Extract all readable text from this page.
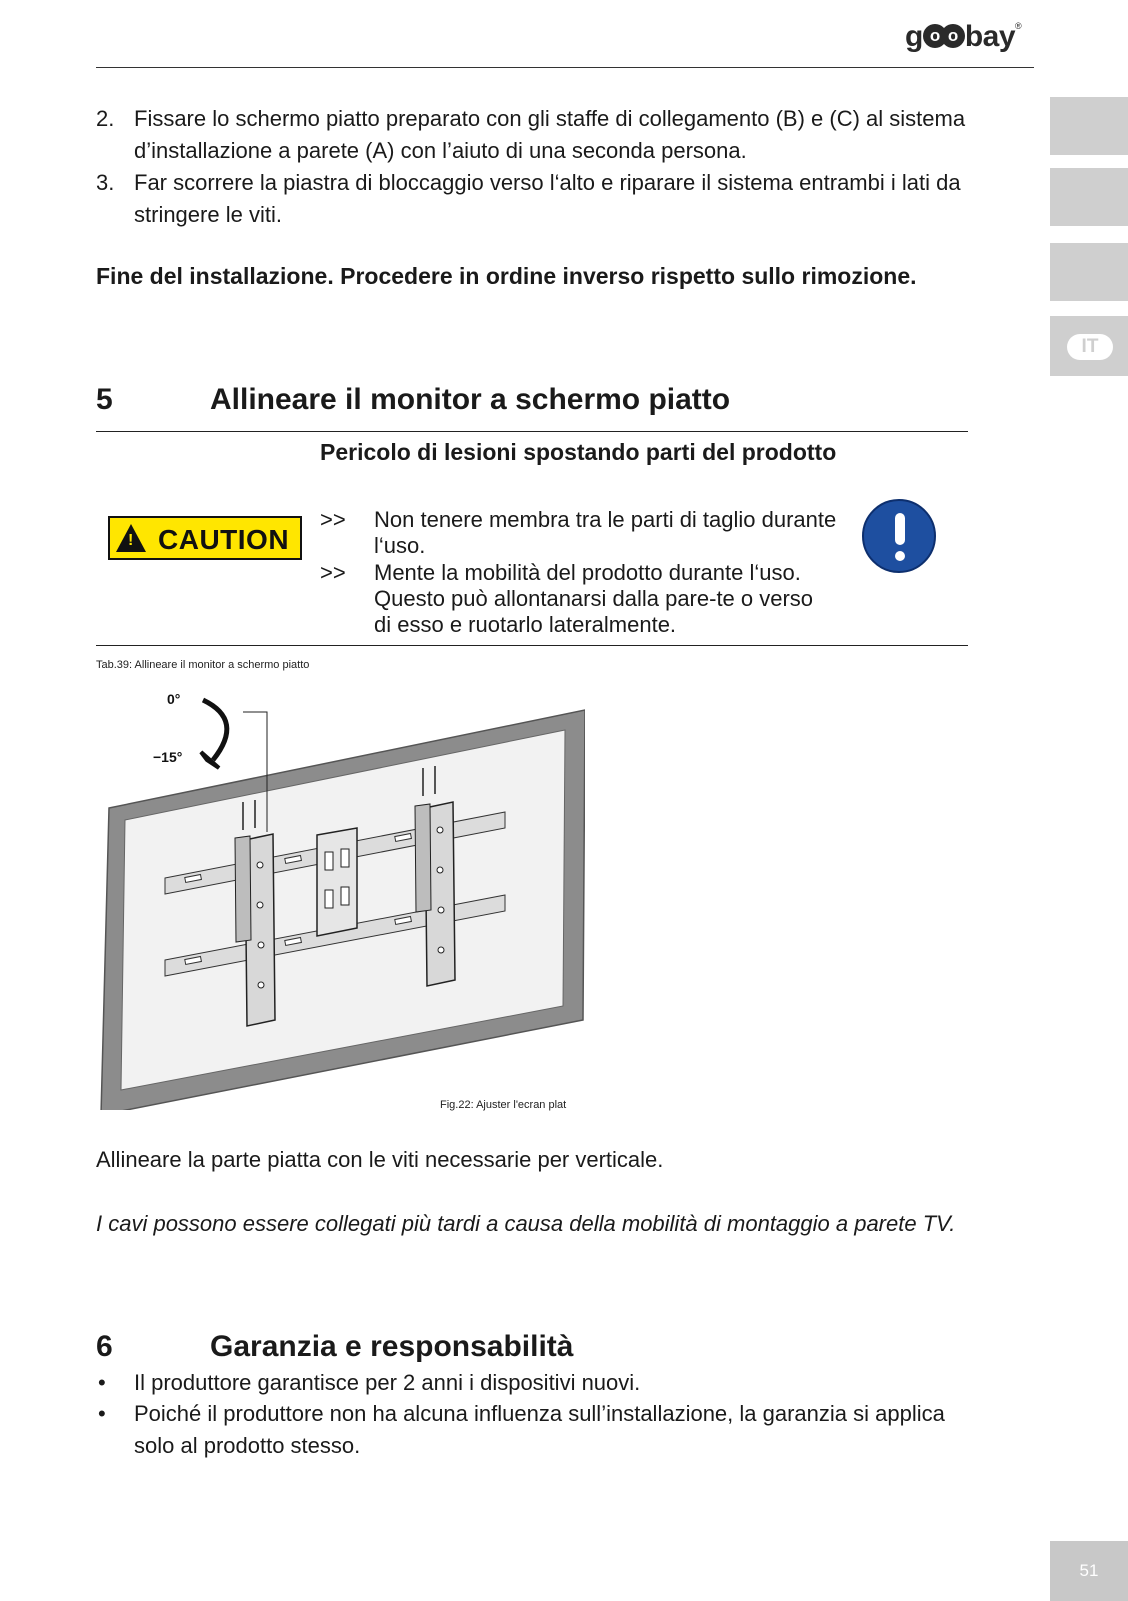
g o o bay®
IT
2. Fissare lo schermo piatto preparato con gli staffe di collegamento (B) e (C) al sistema d’installazione a parete (A) con l’aiuto di una seconda persona.
3. Far scorrere la piastra di bloccaggio verso l‘alto e riparare il sistema entrambi i lati da stringere le viti.
Fine del installazione. Procedere in ordine inverso rispetto sullo rimozione.
5	Allineare il monitor a schermo piatto
! CAUTION
Pericolo di lesioni spostando parti del prodotto
>> Non tenere membra tra le parti di taglio durante l‘uso.
>> Mente la mobilità del prodotto durante l‘uso. Questo può allontanarsi dalla pare-te o verso di esso e ruotarlo lateralmente.
Tab.39: Allineare il monitor a schermo piatto
0°
−15°
Fig.22: Ajuster l'ecran plat
Allineare la parte piatta con le viti necessarie per verticale.
I cavi possono essere collegati più tardi a causa della mobilità di montaggio a parete TV.
6	Garanzia e responsabilità
• Il produttore garantisce per 2 anni i dispositivi nuovi.
• Poiché il produttore non ha alcuna influenza sull’installazione, la garanzia si applica solo al prodotto stesso.
51
